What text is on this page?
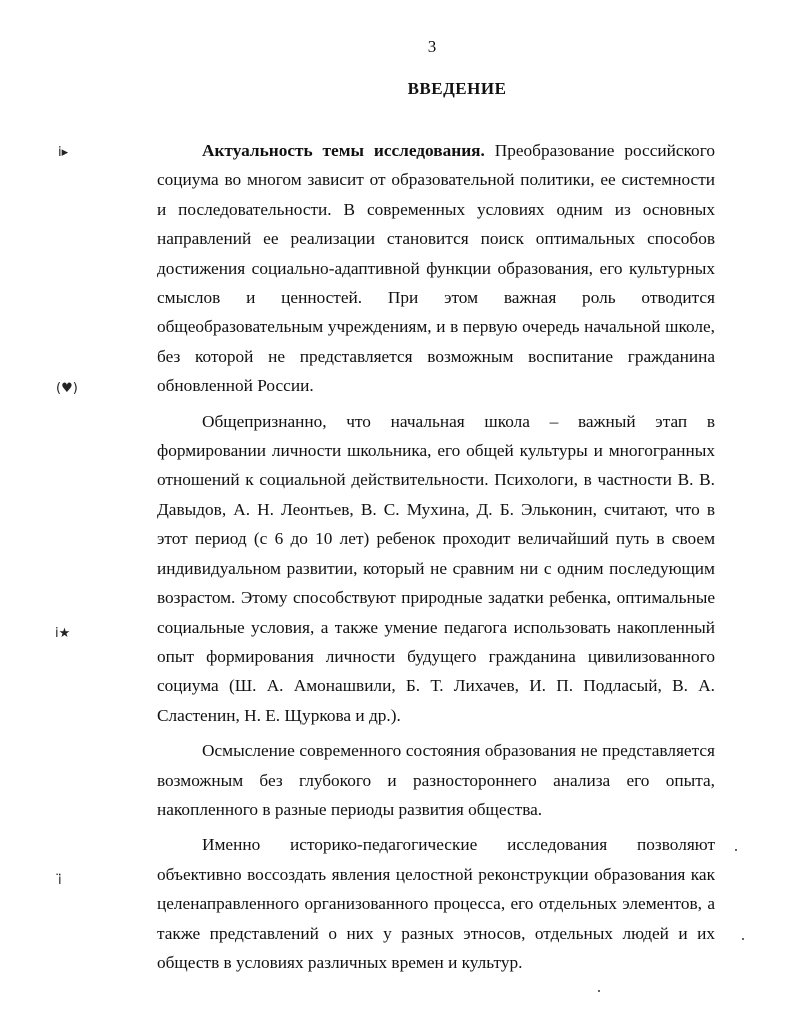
3
ВВЕДЕНИЕ

Актуальность темы исследования. Преобразование российского социума во многом зависит от образовательной политики, ее системности и последовательности. В современных условиях одним из основных направлений ее реализации становится поиск оптимальных способов достижения социально-адаптивной функции образования, его культурных смыслов и ценностей. При этом важная роль отводится общеобразовательным учреждениям, и в первую очередь начальной школе, без которой не представляется возможным воспитание гражданина обновленной России.

Общепризнанно, что начальная школа – важный этап в формировании личности школьника, его общей культуры и многогранных отношений к социальной действительности. Психологи, в частности В. В. Давыдов, А. Н. Леонтьев, В. С. Мухина, Д. Б. Эльконин, считают, что в этот период (с 6 до 10 лет) ребенок проходит величайший путь в своем индивидуальном развитии, который не сравним ни с одним последующим возрастом. Этому способствуют природные задатки ребенка, оптимальные социальные условия, а также умение педагога использовать накопленный опыт формирования личности будущего гражданина цивилизованного социума (Ш. А. Амонашвили, Б. Т. Лихачев, И. П. Подласый, В. А. Сластенин, Н. Е. Щуркова и др.).

Осмысление современного состояния образования не представляется возможным без глубокого и разностороннего анализа его опыта, накопленного в разные периоды развития общества.

Именно историко-педагогические исследования позволяют объективно воссоздать явления целостной реконструкции образования как целенаправленного организованного процесса, его отдельных элементов, а также представлений о них у разных этносов, отдельных людей и их обществ в условиях различных времен и культур.

ⅰ▸
(♥)
ⅰ★
ⅰ̈
